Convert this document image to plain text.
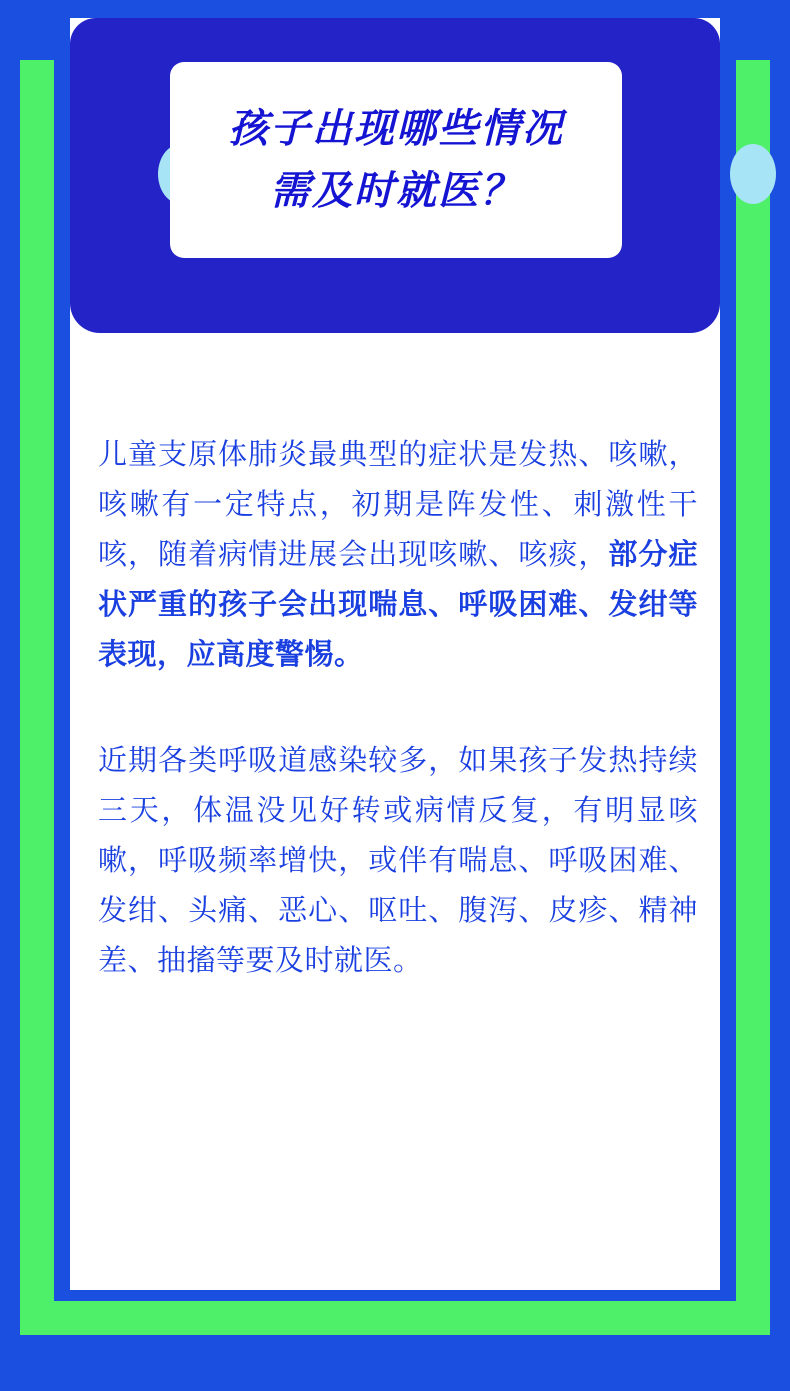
孩子出现哪些情况
需及时就医？

儿童支原体肺炎最典型的症状是发热、咳嗽，咳嗽有一定特点，初期是阵发性、刺激性干咳，随着病情进展会出现咳嗽、咳痰，部分症状严重的孩子会出现喘息、呼吸困难、发绀等表现，应高度警惕。

近期各类呼吸道感染较多，如果孩子发热持续三天，体温没见好转或病情反复，有明显咳嗽，呼吸频率增快，或伴有喘息、呼吸困难、发绀、头痛、恶心、呕吐、腹泻、皮疹、精神差、抽搐等要及时就医。
